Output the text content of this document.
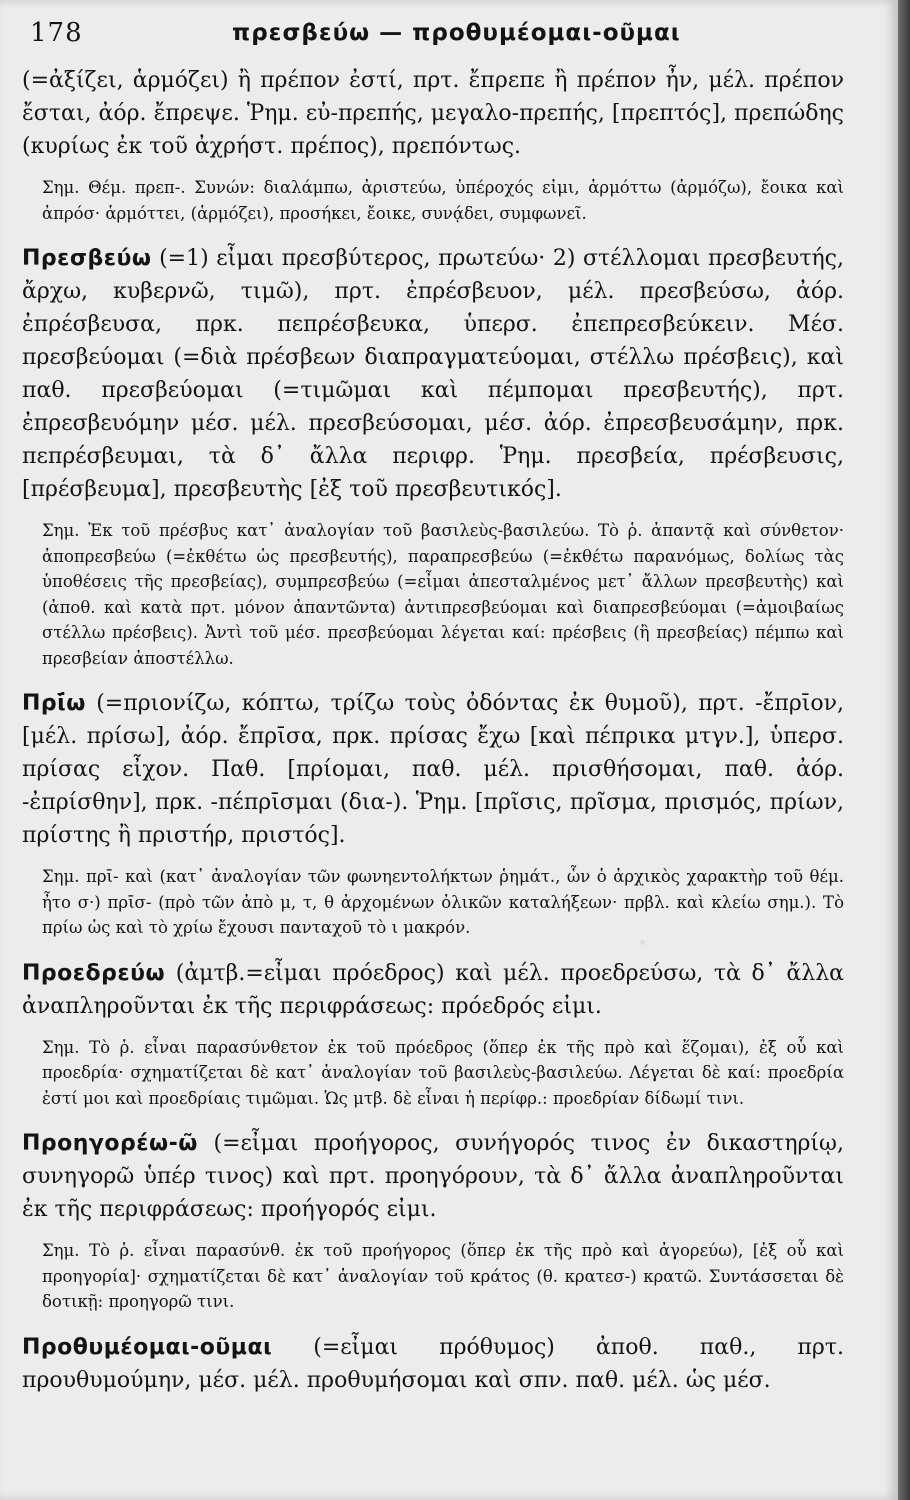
178	πρεσβεύω — προθυμέομαι-οῦμαι

(=ἀξίζει, ἁρμόζει) ἢ πρέπον ἐστί, πρτ. ἔπρεπε ἢ πρέπον ἦν, μέλ. πρέπον ἔσται, ἀόρ. ἔπρεψε. Ῥημ. εὐ-πρεπής, μεγαλο-πρεπής, [πρεπτός], πρεπώδης (κυρίως ἐκ τοῦ ἀχρήστ. πρέπος), πρεπόντως.

Σημ. Θέμ. πρεπ-. Συνών: διαλάμπω, ἀριστεύω, ὑπέροχός εἰμι, ἁρμόττω (ἁρμόζω), ἔοικα καὶ ἀπρόσ· ἁρμόττει, (ἁρμόζει), προσήκει, ἔοικε, συνᾴδει, συμφωνεῖ.

Πρεσβεύω (=1) εἶμαι πρεσβύτερος, πρωτεύω· 2) στέλλομαι πρεσβευτής, ἄρχω, κυβερνῶ, τιμῶ), πρτ. ἐπρέσβευον, μέλ. πρεσβεύσω, ἀόρ. ἐπρέσβευσα, πρκ. πεπρέσβευκα, ὑπερσ. ἐπεπρεσβεύκειν. Μέσ. πρεσβεύομαι (=διὰ πρέσβεων διαπραγματεύομαι, στέλλω πρέσβεις), καὶ παθ. πρεσβεύομαι (=τιμῶμαι καὶ πέμπομαι πρεσβευτής), πρτ. ἐπρεσβευόμην μέσ. μέλ. πρεσβεύσομαι, μέσ. ἀόρ. ἐπρεσβευσάμην, πρκ. πεπρέσβευμαι, τὰ δ᾽ ἄλλα περιφρ. Ῥημ. πρεσβεία, πρέσβευσις, [πρέσβευμα], πρεσβευτὴς [ἐξ τοῦ πρεσβευτικός].

Σημ. Ἐκ τοῦ πρέσβυς κατ᾽ ἀναλογίαν τοῦ βασιλεὺς-βασιλεύω. Τὸ ῥ. ἀπαντᾷ καὶ σύνθετον· ἀποπρεσβεύω (=ἐκθέτω ὡς πρεσβευτής), παραπρεσβεύω (=ἐκθέτω παρανόμως, δολίως τὰς ὑποθέσεις τῆς πρεσβείας), συμπρεσβεύω (=εἶμαι ἀπεσταλμένος μετ᾽ ἄλλων πρεσβευτὴς) καὶ (ἀποθ. καὶ κατὰ πρτ. μόνον ἀπαντῶντα) ἀντιπρεσβεύομαι καὶ διαπρεσβεύομαι (=ἀμοιβαίως στέλλω πρέσβεις). Ἀντὶ τοῦ μέσ. πρεσβεύομαι λέγεται καί: πρέσβεις (ἢ πρεσβείας) πέμπω καὶ πρεσβείαν ἀποστέλλω.

Πρῑ́ω (=πριονίζω, κόπτω, τρίζω τοὺς ὀδόντας ἐκ θυμοῦ), πρτ. -ἔπρῑον, [μέλ. πρίσω], ἀόρ. ἔπρῑσα, πρκ. πρίσας ἔχω [καὶ πέπρικα μτγν.], ὑπερσ. πρίσας εἶχον. Παθ. [πρίομαι, παθ. μέλ. πρισθήσομαι, παθ. ἀόρ. -ἐπρίσθην], πρκ. -πέπρῑσμαι (δια-). Ῥημ. [πρῖσις, πρῖσμα, πρισμός, πρίων, πρίστης ἢ πριστήρ, πριστός].

Σημ. πρῑ- καὶ (κατ᾽ ἀναλογίαν τῶν φωνηεντολήκτων ῥημάτ., ὧν ὁ ἀρχικὸς χαρακτὴρ τοῦ θέμ. ἦτο σ·) πρῑσ- (πρὸ τῶν ἀπὸ μ, τ, θ ἀρχομένων ὀλικῶν καταλήξεων· πρβλ. καὶ κλείω σημ.). Τὸ πρίω ὡς καὶ τὸ χρίω ἔχουσι πανταχοῦ τὸ ι μακρόν.

Προεδρεύω (ἀμτβ.=εἶμαι πρόεδρος) καὶ μέλ. προεδρεύσω, τὰ δ᾽ ἄλλα ἀναπληροῦνται ἐκ τῆς περιφράσεως: πρόεδρός εἰμι.

Σημ. Τὸ ῥ. εἶναι παρασύνθετον ἐκ τοῦ πρόεδρος (ὅπερ ἐκ τῆς πρὸ καὶ ἕζομαι), ἐξ οὗ καὶ προεδρία· σχηματίζεται δὲ κατ᾽ ἀναλογίαν τοῦ βασιλεὺς-βασιλεύω. Λέγεται δὲ καί: προεδρία ἐστί μοι καὶ προεδρίαις τιμῶμαι. Ὡς μτβ. δὲ εἶναι ἡ περίφρ.: προεδρίαν δίδωμί τινι.

Προηγορέω-ῶ (=εἶμαι προήγορος, συνήγορός τινος ἐν δικαστηρίῳ, συνηγορῶ ὑπέρ τινος) καὶ πρτ. προηγόρουν, τὰ δ᾽ ἄλλα ἀναπληροῦνται ἐκ τῆς περιφράσεως: προήγορός εἰμι.

Σημ. Τὸ ῥ. εἶναι παρασύνθ. ἐκ τοῦ προήγορος (ὅπερ ἐκ τῆς πρὸ καὶ ἀγορεύω), [ἐξ οὗ καὶ προηγορία]· σχηματίζεται δὲ κατ᾽ ἀναλογίαν τοῦ κράτος (θ. κρατεσ-) κρατῶ. Συντάσσεται δὲ δοτικῇ: προηγορῶ τινι.

Προθυμέομαι-οῦμαι (=εἶμαι πρόθυμος) ἀποθ. παθ., πρτ. προυθυμούμην, μέσ. μέλ. προθυμήσομαι καὶ σπν. παθ. μέλ. ὡς μέσ.
